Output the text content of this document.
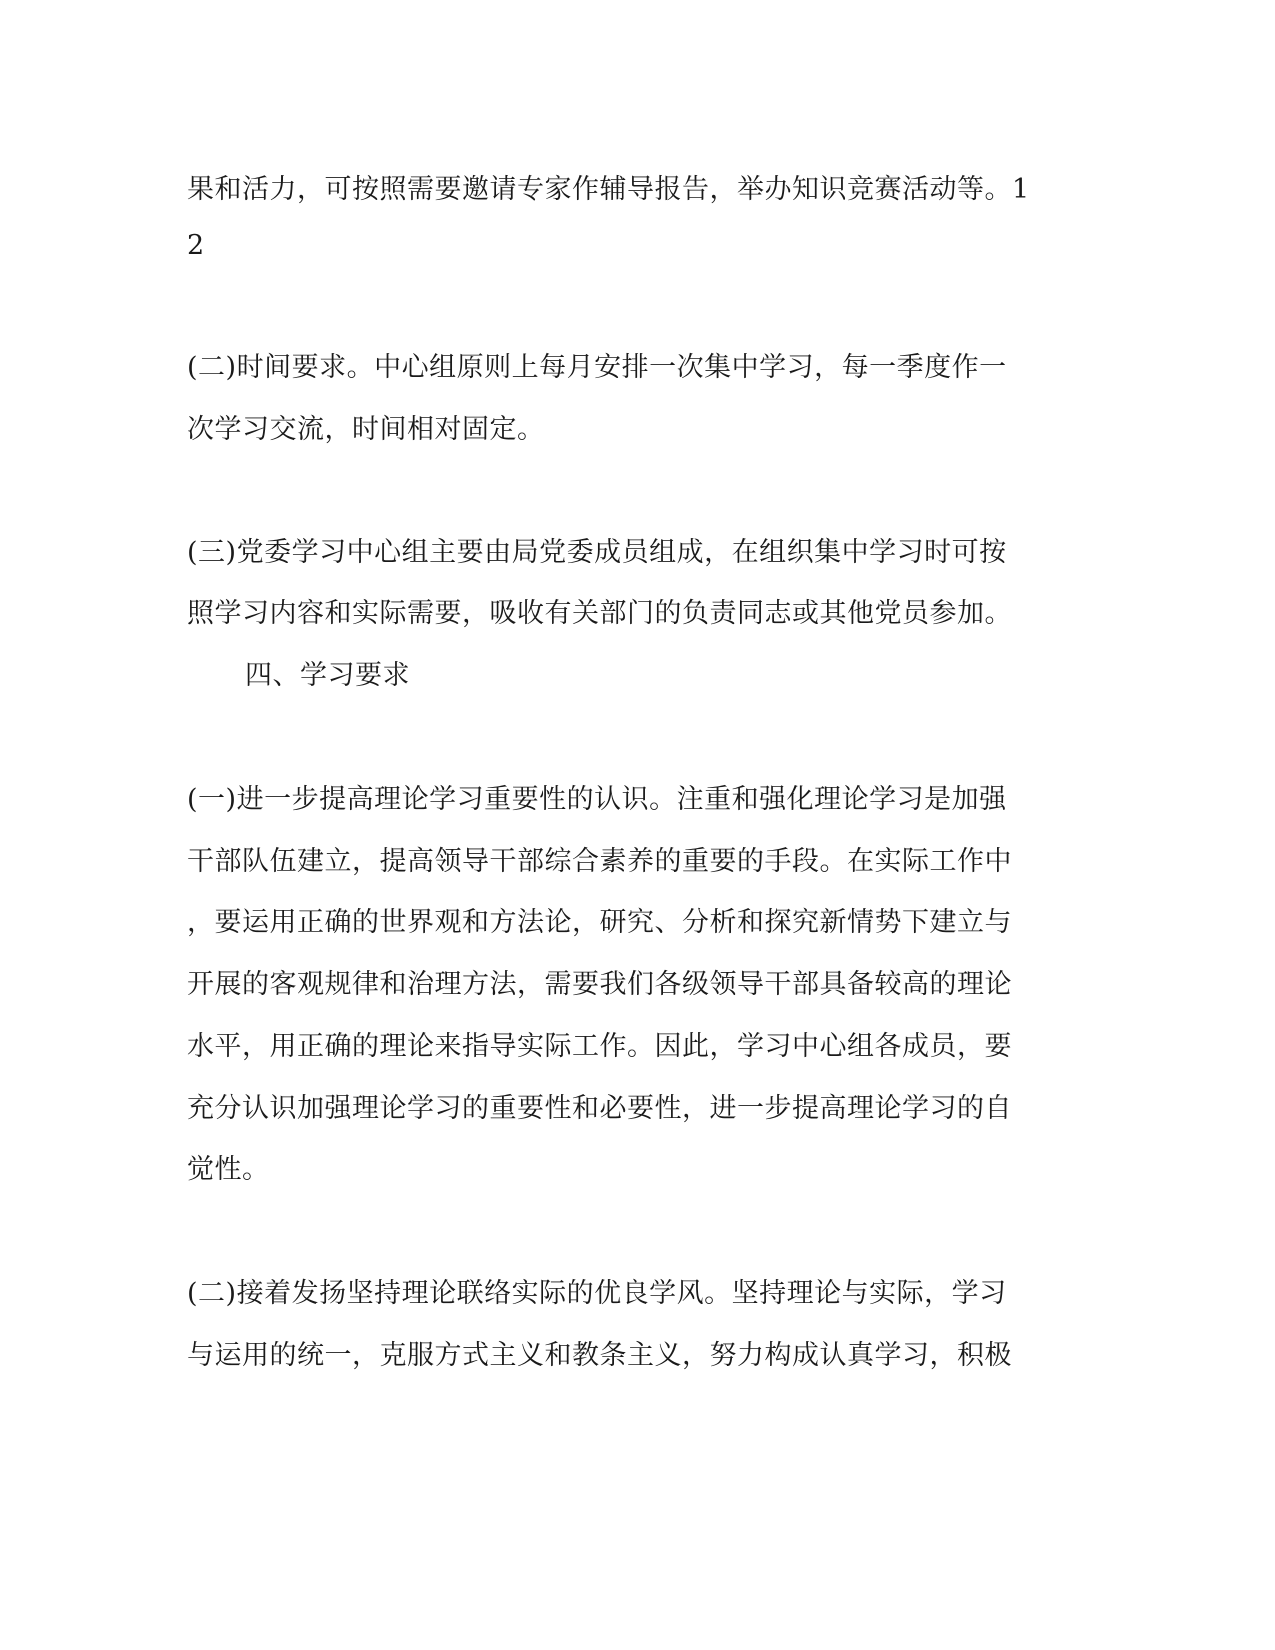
果和活力，可按照需要邀请专家作辅导报告，举办知识竞赛活动等。1
2
(二)时间要求。中心组原则上每月安排一次集中学习，每一季度作一
次学习交流，时间相对固定。
(三)党委学习中心组主要由局党委成员组成，在组织集中学习时可按
照学习内容和实际需要，吸收有关部门的负责同志或其他党员参加。
四、学习要求
(一)进一步提高理论学习重要性的认识。注重和强化理论学习是加强
干部队伍建立，提高领导干部综合素养的重要的手段。在实际工作中
，要运用正确的世界观和方法论，研究、分析和探究新情势下建立与
开展的客观规律和治理方法，需要我们各级领导干部具备较高的理论
水平，用正确的理论来指导实际工作。因此，学习中心组各成员，要
充分认识加强理论学习的重要性和必要性，进一步提高理论学习的自
觉性。
(二)接着发扬坚持理论联络实际的优良学风。坚持理论与实际，学习
与运用的统一，克服方式主义和教条主义，努力构成认真学习，积极
